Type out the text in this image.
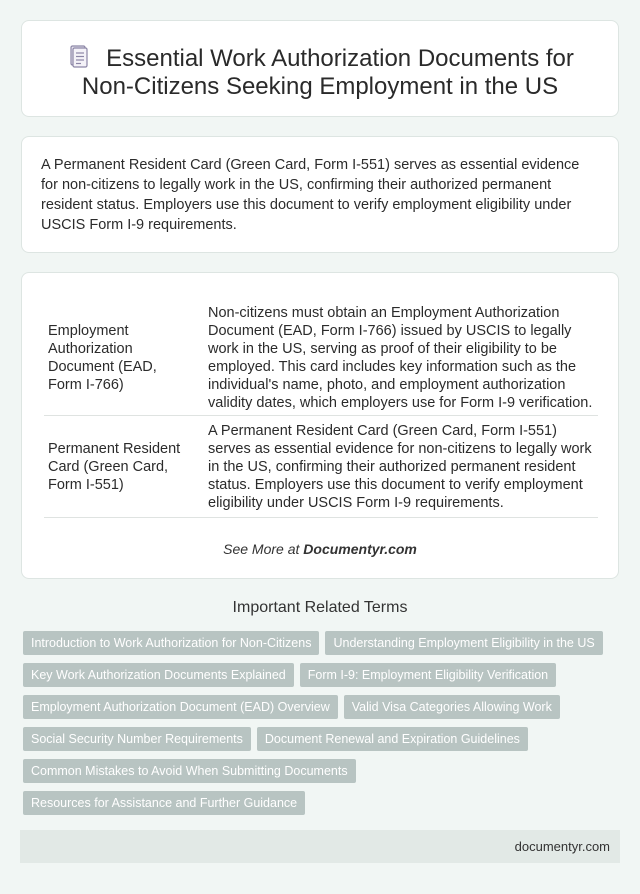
Essential Work Authorization Documents for
Non-Citizens Seeking Employment in the US

A Permanent Resident Card (Green Card, Form I-551) serves as essential evidence for non-citizens to legally work in the US, confirming their authorized permanent resident status. Employers use this document to verify employment eligibility under USCIS Form I-9 requirements.

Employment Authorization Document (EAD, Form I-766)
Non-citizens must obtain an Employment Authorization Document (EAD, Form I-766) issued by USCIS to legally work in the US, serving as proof of their eligibility to be employed. This card includes key information such as the individual's name, photo, and employment authorization validity dates, which employers use for Form I-9 verification.
Permanent Resident Card (Green Card, Form I-551)
A Permanent Resident Card (Green Card, Form I-551) serves as essential evidence for non-citizens to legally work in the US, confirming their authorized permanent resident status. Employers use this document to verify employment eligibility under USCIS Form I-9 requirements.
See More at Documentyr.com
Important Related Terms
Introduction to Work Authorization for Non-Citizens	Understanding Employment Eligibility in the US
Key Work Authorization Documents Explained	Form I-9: Employment Eligibility Verification
Employment Authorization Document (EAD) Overview	Valid Visa Categories Allowing Work
Social Security Number Requirements	Document Renewal and Expiration Guidelines
Common Mistakes to Avoid When Submitting Documents
Resources for Assistance and Further Guidance
documentyr.com
